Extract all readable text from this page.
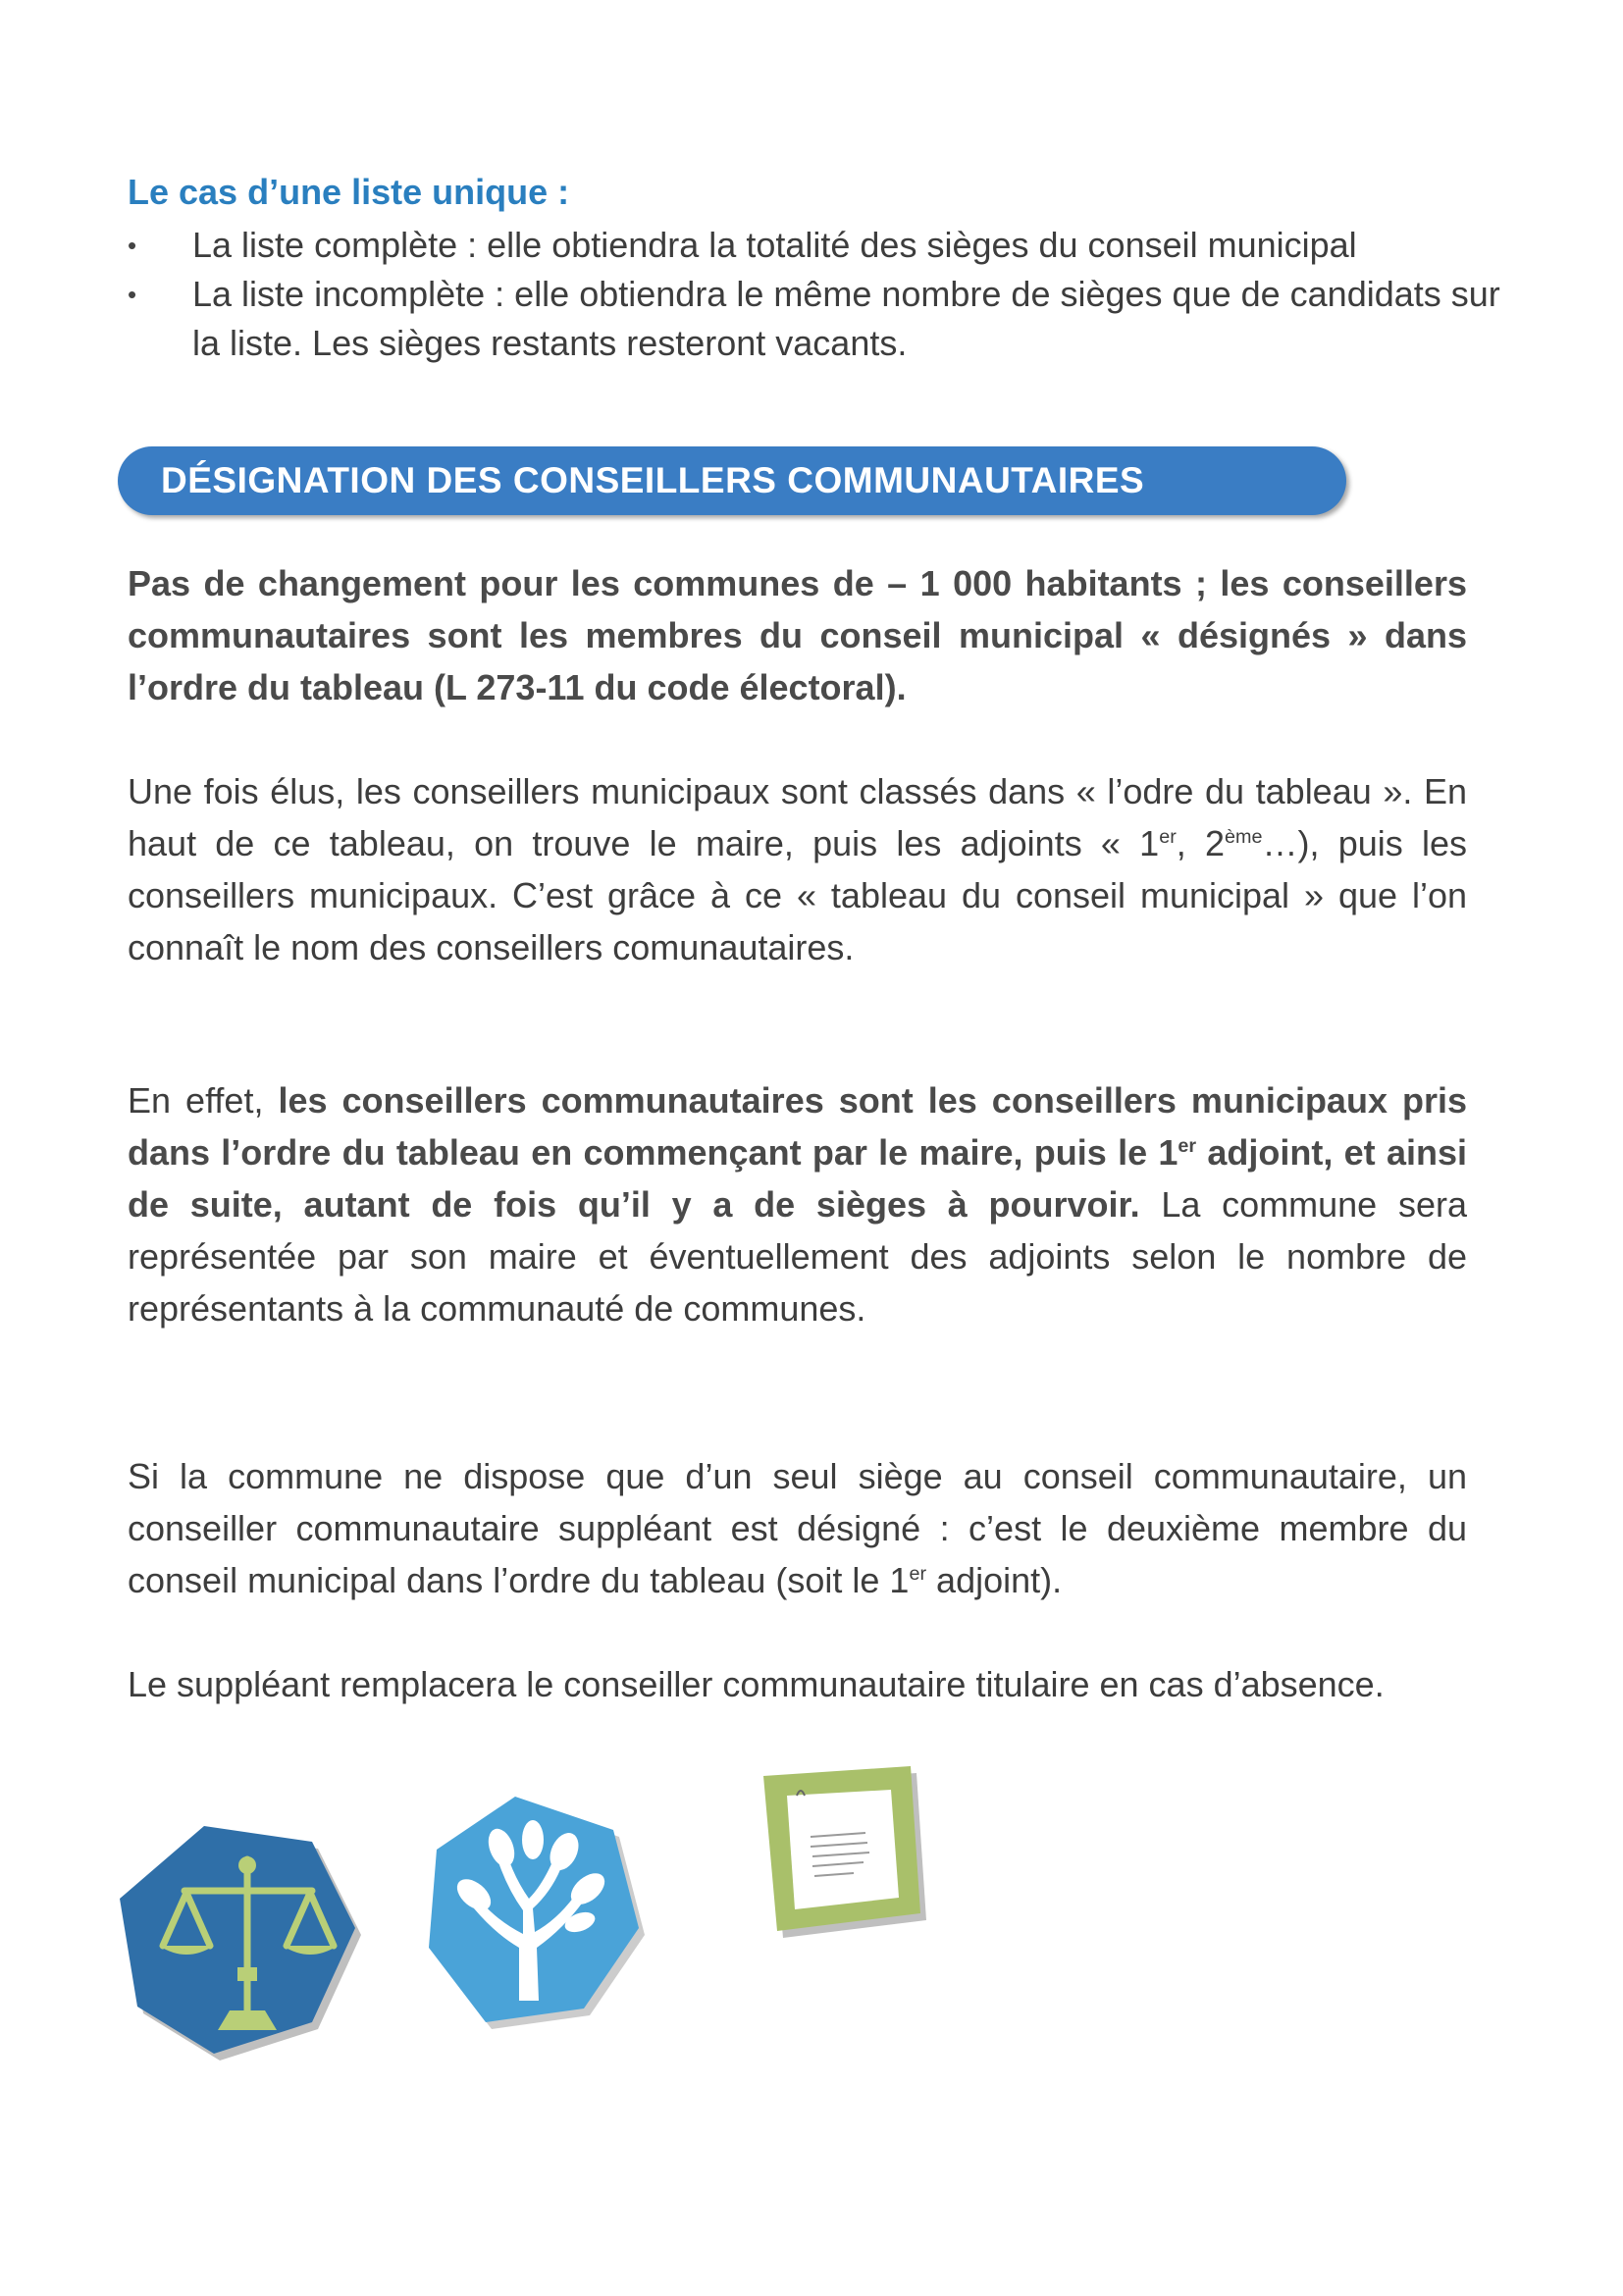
Le cas d’une liste unique :
• La liste complète : elle obtiendra la totalité des sièges du conseil municipal
• La liste incomplète : elle obtiendra le même nombre de sièges que de candidats sur la liste. Les sièges restants resteront vacants.
DÉSIGNATION DES CONSEILLERS COMMUNAUTAIRES

Pas de changement pour les communes de – 1 000 habitants ; les conseillers communautaires sont les membres du conseil municipal « désignés » dans l’ordre du tableau (L 273-11 du code électoral).

Une fois élus, les conseillers municipaux sont classés dans « l’odre du tableau ». En haut de ce tableau, on trouve le maire, puis les adjoints « 1er, 2ème…), puis les conseillers municipaux. C’est grâce à ce « tableau du conseil municipal » que l’on connaît le nom des conseillers comunautaires.

En effet, les conseillers communautaires sont les conseillers municipaux pris dans l’ordre du tableau en commençant par le maire, puis le 1er adjoint, et ainsi de suite, autant de fois qu’il y a de sièges à pourvoir. La commune sera représentée par son maire et éventuellement des adjoints selon le nombre de représentants à la communauté de communes.

Si la commune ne dispose que d’un seul siège au conseil communautaire, un conseiller communautaire suppléant est désigné : c’est le deuxième membre du conseil municipal dans l’ordre du tableau (soit le 1er adjoint).

Le suppléant remplacera le conseiller communautaire titulaire en cas d’absence.
